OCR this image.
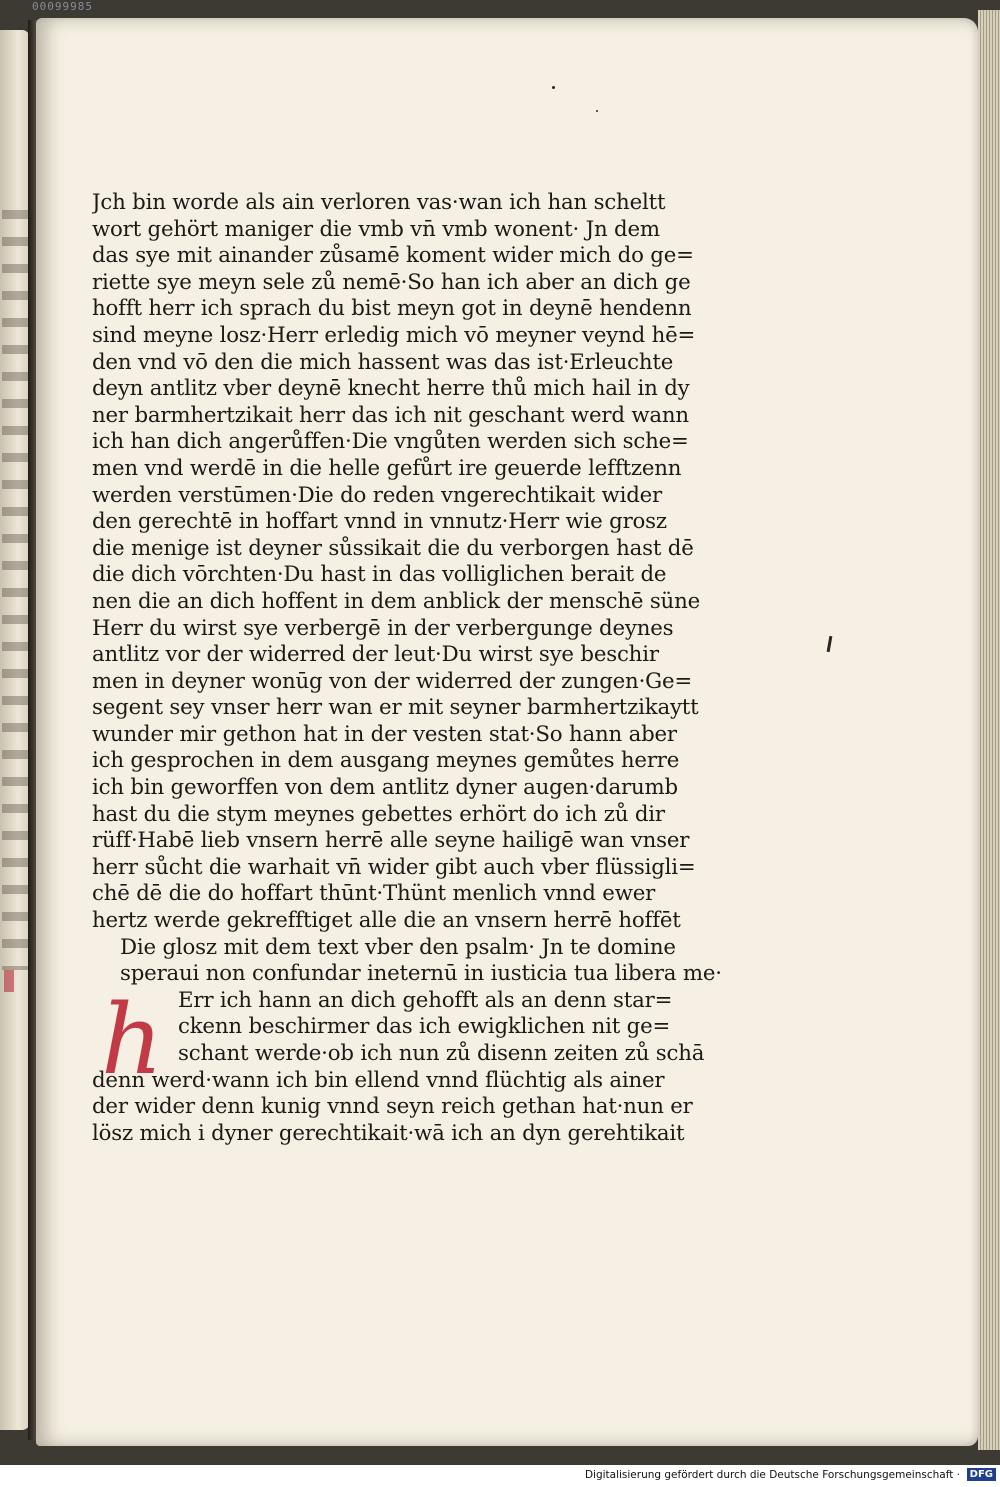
00099985
Jch bin worde als ain verloren vas·wan ich han scheltt
wort gehört maniger die vmb vn̄ vmb wonent· Jn dem
das sye mit ainander zůsamē koment wider mich do ge=
riette sye meyn sele zů nemē·So han ich aber an dich ge
hofft herr ich sprach du bist meyn got in deynē hendenn
sind meyne losz·Herr erledig mich vō meyner veynd hē=
den vnd vō den die mich hassent was das ist·Erleuchte
deyn antlitz vber deynē knecht herre thů mich hail in dy
ner barmhertzikait herr das ich nit geschant werd wann
ich han dich angerůffen·Die vngůten werden sich sche=
men vnd werdē in die helle gefůrt ire geuerde lefftzenn
werden verstūmen·Die do reden vngerechtikait wider
den gerechtē in hoffart vnnd in vnnutz·Herr wie grosz
die menige ist deyner sůssikait die du verborgen hast dē
die dich vōrchten·Du hast in das volliglichen berait de
nen die an dich hoffent in dem anblick der menschē süne
Herr du wirst sye verbergē in der verbergunge deynes
antlitz vor der widerred der leut·Du wirst sye beschir
men in deyner wonūg von der widerred der zungen·Ge=
segent sey vnser herr wan er mit seyner barmhertzikaytt
wunder mir gethon hat in der vesten stat·So hann aber
ich gesprochen in dem ausgang meynes gemůtes herre
ich bin geworffen von dem antlitz dyner augen·darumb
hast du die stym meynes gebettes erhört do ich zů dir
rüff·Habē lieb vnsern herrē alle seyne hailigē wan vnser
herr sůcht die warhait vn̄ wider gibt auch vber flüssigli=
chē dē die do hoffart thūnt·Thünt menlich vnnd ewer
hertz werde gekrefftiget alle die an vnsern herrē hoffēt
Die glosz mit dem text vber den psalm· Jn te domine
speraui non confundar ineternū in iusticia tua libera me·
h Err ich hann an dich gehofft als an denn star=
ckenn beschirmer das ich ewigklichen nit ge=
schant werde·ob ich nun zů disenn zeiten zů schā
denn werd·wann ich bin ellend vnnd flüchtig als ainer
der wider denn kunig vnnd seyn reich gethan hat·nun er
lösz mich i dyner gerechtikait·wā ich an dyn gerehtikait
Digitalisierung gefördert durch die Deutsche Forschungsgemeinschaft · DFG
